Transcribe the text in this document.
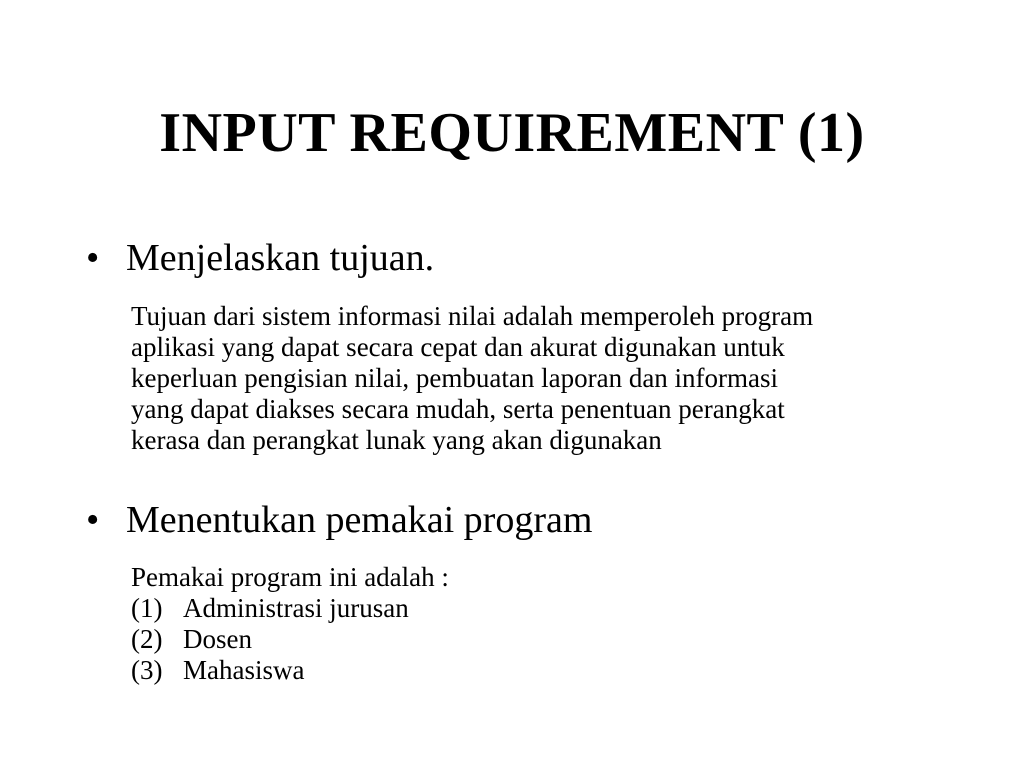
INPUT REQUIREMENT (1)
• Menjelaskan tujuan.
Tujuan dari sistem informasi nilai adalah memperoleh program
aplikasi yang dapat secara cepat dan akurat digunakan untuk
keperluan pengisian nilai, pembuatan laporan dan informasi
yang dapat diakses secara mudah, serta penentuan perangkat
kerasa dan perangkat lunak yang akan digunakan
• Menentukan pemakai program
Pemakai program ini adalah :
(1) Administrasi jurusan
(2) Dosen
(3) Mahasiswa
